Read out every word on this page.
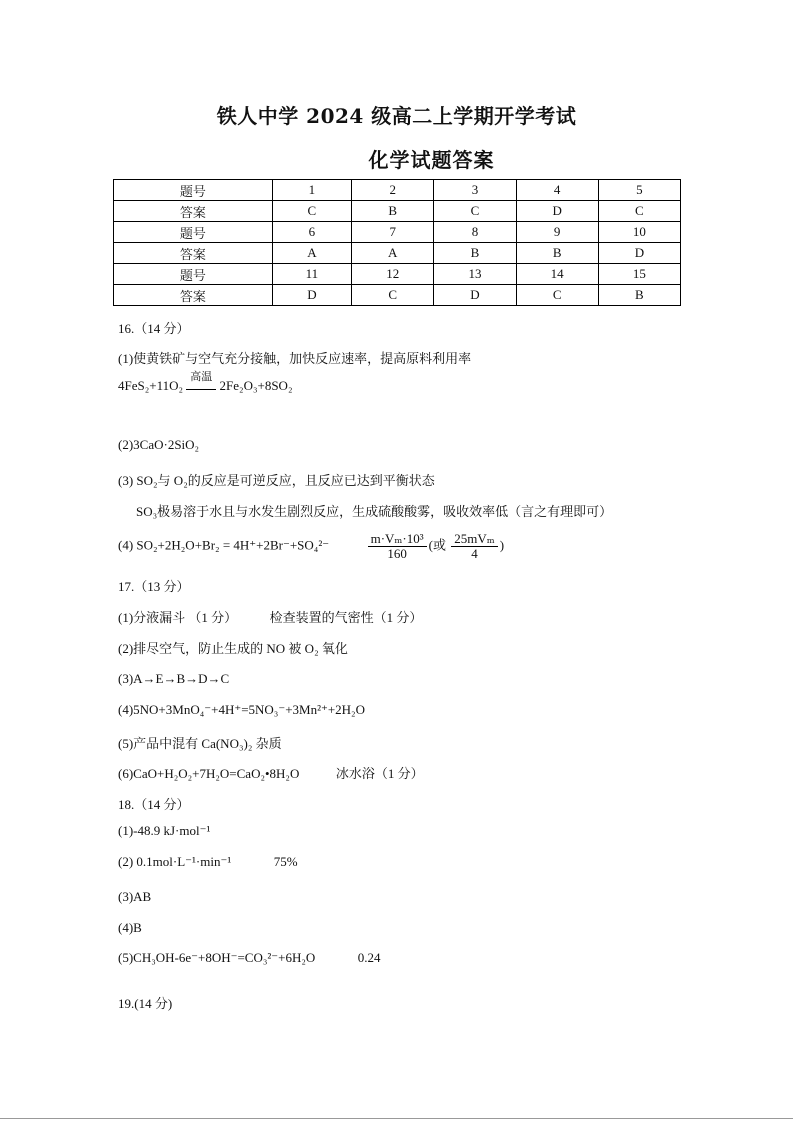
铁人中学 2024 级高二上学期开学考试
化学试题答案
题号	1	2	3	4	5
答案	C	B	C	D	C
题号	6	7	8	9	10
答案	A	A	B	B	D
题号	11	12	13	14	15
答案	D	C	D	C	B
16.（14 分）
(1)使黄铁矿与空气充分接触，加快反应速率，提高原料利用率
4FeS₂+11O₂
高温
2Fe₂O₃+8SO₂
(2)3CaO·2SiO₂
(3) SO₂与 O₂的反应是可逆反应，且反应已达到平衡状态
SO₃极易溶于水且与水发生剧烈反应，生成硫酸酸雾，吸收效率低（言之有理即可）
(4) SO₂+2H₂O+Br₂ = 4H⁺+2Br⁻+SO₄²⁻	$\frac{\text{m·Vₘ·10³}}{160}$ (或 $\frac{\text{25mVₘ}}{4}$ )
17.（13 分）
(1)分液漏斗 （1 分）	检查装置的气密性（1 分）
(2)排尽空气，防止生成的 NO 被 O₂ 氧化
(3)A→E→B→D→C
(4)5NO+3MnO₄⁻+4H⁺=5NO₃⁻+3Mn²⁺+2H₂O
(5)产品中混有 Ca(NO₃)₂ 杂质
(6)CaO+H₂O₂+7H₂O=CaO₂•8H₂O	冰水浴（1 分）
18.（14 分）
(1)-48.9 kJ·mol⁻¹
(2) 0.1mol·L⁻¹·min⁻¹	75%
(3)AB
(4)B
(5)CH₃OH-6e⁻+8OH⁻=CO₃²⁻+6H₂O	0.24
19.(14 分)
